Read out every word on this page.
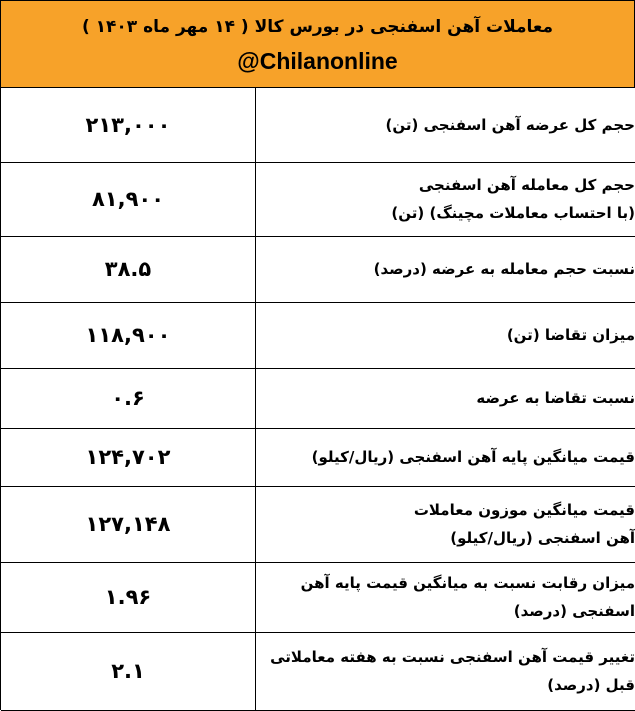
معاملات آهن اسفنجی در بورس کالا ( ۱۴ مهر ماه ۱۴۰۳ )
@Chilanonline
۲۱۳,۰۰۰	حجم کل عرضه آهن اسفنجی (تن)

۸۱,۹۰۰	حجم کل معامله آهن اسفنجی
(با احتساب معاملات مچینگ) (تن)

۳۸.۵	نسبت حجم معامله به عرضه (درصد)

۱۱۸,۹۰۰	میزان تقاضا (تن)

۰.۶	نسبت تقاضا به عرضه

۱۲۴,۷۰۲	قیمت میانگین پایه آهن اسفنجی (ریال/کیلو)

۱۲۷,۱۴۸	قیمت میانگین موزون معاملات
آهن اسفنجی (ریال/کیلو)

۱.۹۶	میزان رقابت نسبت به میانگین قیمت پایه آهن
اسفنجی (درصد)

۲.۱	تغییر قیمت آهن اسفنجی نسبت به هفته معاملاتی
قبل (درصد)
